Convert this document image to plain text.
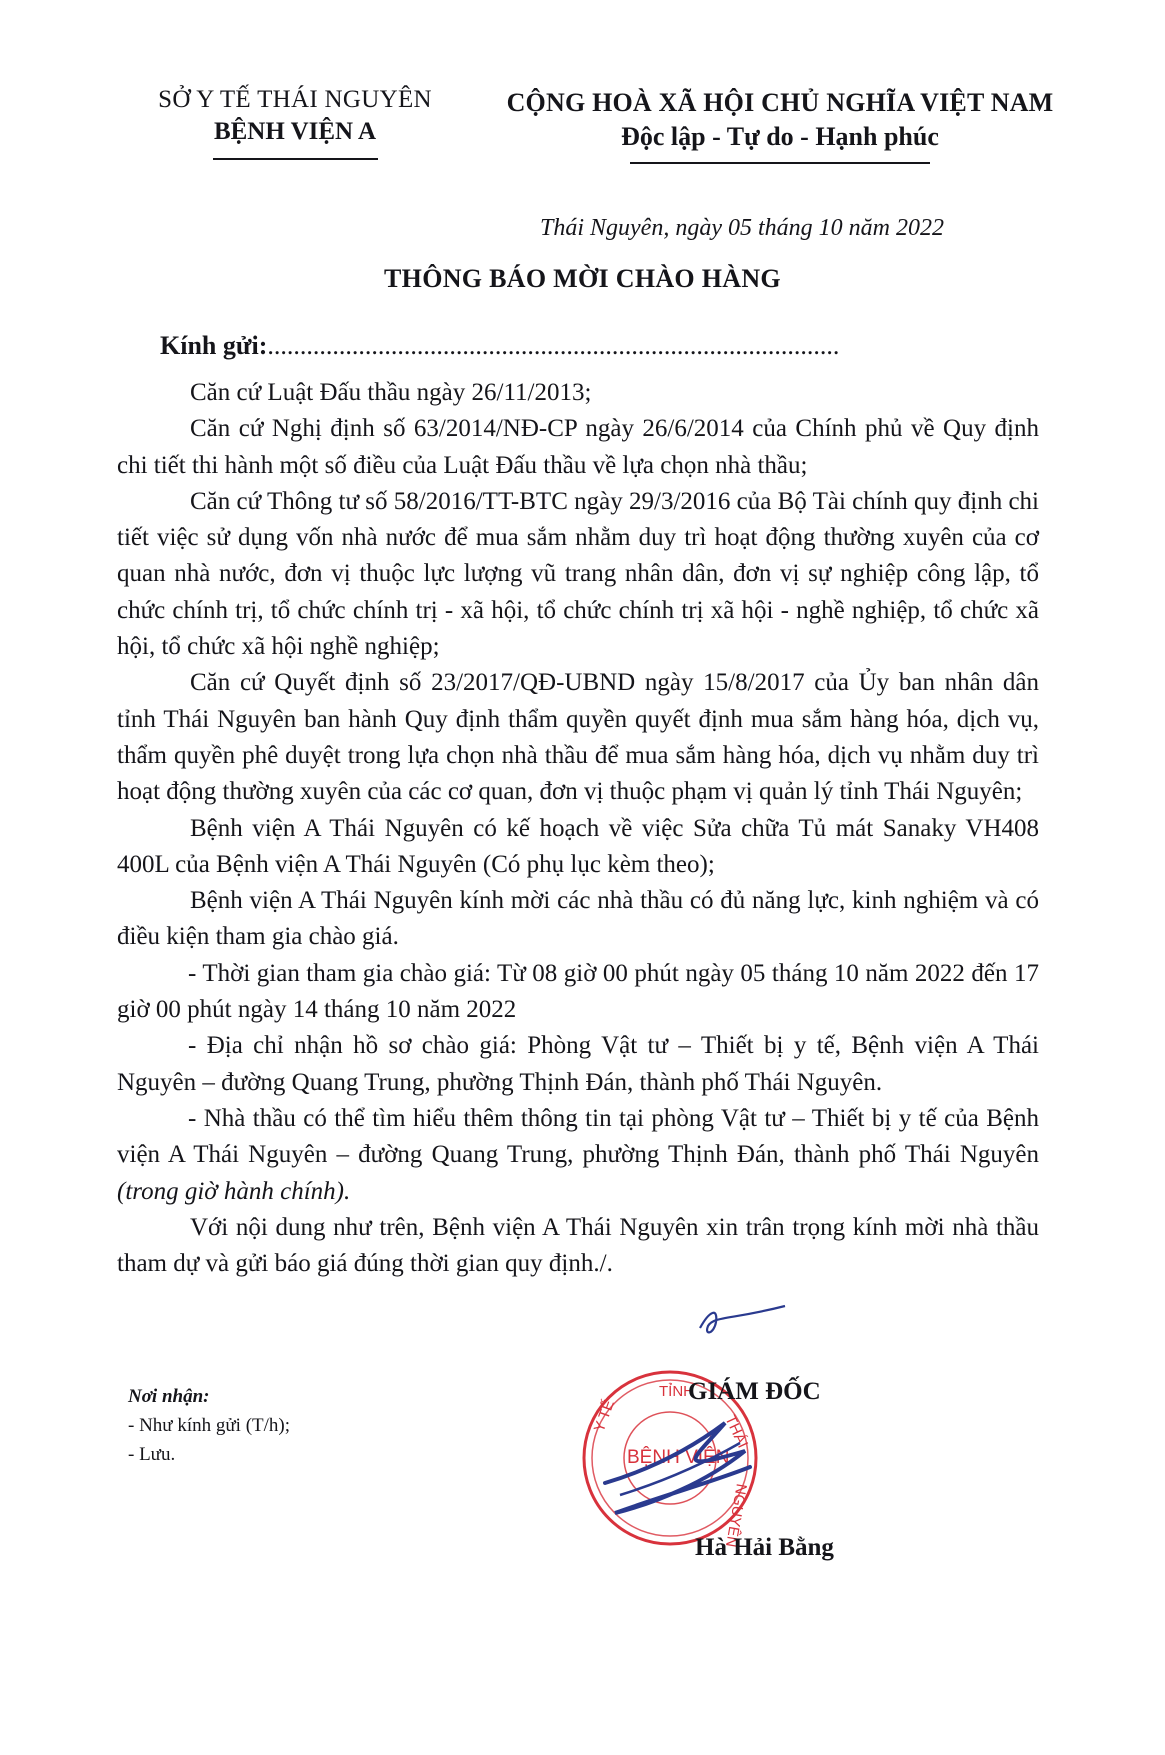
SỞ Y TẾ THÁI NGUYÊN
BỆNH VIỆN A
CỘNG HOÀ XÃ HỘI CHỦ NGHĨA VIỆT NAM
Độc lập - Tự do - Hạnh phúc
Thái Nguyên, ngày 05 tháng 10 năm 2022
THÔNG BÁO MỜI CHÀO HÀNG
Kính gửi:........................................................................................

Căn cứ Luật Đấu thầu ngày 26/11/2013;

Căn cứ Nghị định số 63/2014/NĐ-CP ngày 26/6/2014 của Chính phủ về Quy định chi tiết thi hành một số điều của Luật Đấu thầu về lựa chọn nhà thầu;

Căn cứ Thông tư số 58/2016/TT-BTC ngày 29/3/2016 của Bộ Tài chính quy định chi tiết việc sử dụng vốn nhà nước để mua sắm nhằm duy trì hoạt động thường xuyên của cơ quan nhà nước, đơn vị thuộc lực lượng vũ trang nhân dân, đơn vị sự nghiệp công lập, tổ chức chính trị, tổ chức chính trị - xã hội, tổ chức chính trị xã hội - nghề nghiệp, tổ chức xã hội, tổ chức xã hội nghề nghiệp;

Căn cứ Quyết định số 23/2017/QĐ-UBND ngày 15/8/2017 của Ủy ban nhân dân tỉnh Thái Nguyên ban hành Quy định thẩm quyền quyết định mua sắm hàng hóa, dịch vụ, thẩm quyền phê duyệt trong lựa chọn nhà thầu để mua sắm hàng hóa, dịch vụ nhằm duy trì hoạt động thường xuyên của các cơ quan, đơn vị thuộc phạm vị quản lý tỉnh Thái Nguyên;

Bệnh viện A Thái Nguyên có kế hoạch về việc Sửa chữa Tủ mát Sanaky VH408 400L của Bệnh viện A Thái Nguyên (Có phụ lục kèm theo);

Bệnh viện A Thái Nguyên kính mời các nhà thầu có đủ năng lực, kinh nghiệm và có điều kiện tham gia chào giá.

- Thời gian tham gia chào giá: Từ 08 giờ 00 phút ngày 05 tháng 10 năm 2022 đến 17 giờ 00 phút ngày 14 tháng 10 năm 2022

- Địa chỉ nhận hồ sơ chào giá: Phòng Vật tư – Thiết bị y tế, Bệnh viện A Thái Nguyên – đường Quang Trung, phường Thịnh Đán, thành phố Thái Nguyên.

- Nhà thầu có thể tìm hiểu thêm thông tin tại phòng Vật tư – Thiết bị y tế của Bệnh viện A Thái Nguyên – đường Quang Trung, phường Thịnh Đán, thành phố Thái Nguyên (trong giờ hành chính).

Với nội dung như trên, Bệnh viện A Thái Nguyên xin trân trọng kính mời nhà thầu tham dự và gửi báo giá đúng thời gian quy định./.

Nơi nhận:
- Như kính gửi (T/h);
- Lưu.
TỈNH
Y TẾ	THÁI
NGUYÊN
BỆNH VIỆN
GIÁM ĐỐC
Hà Hải Bằng
